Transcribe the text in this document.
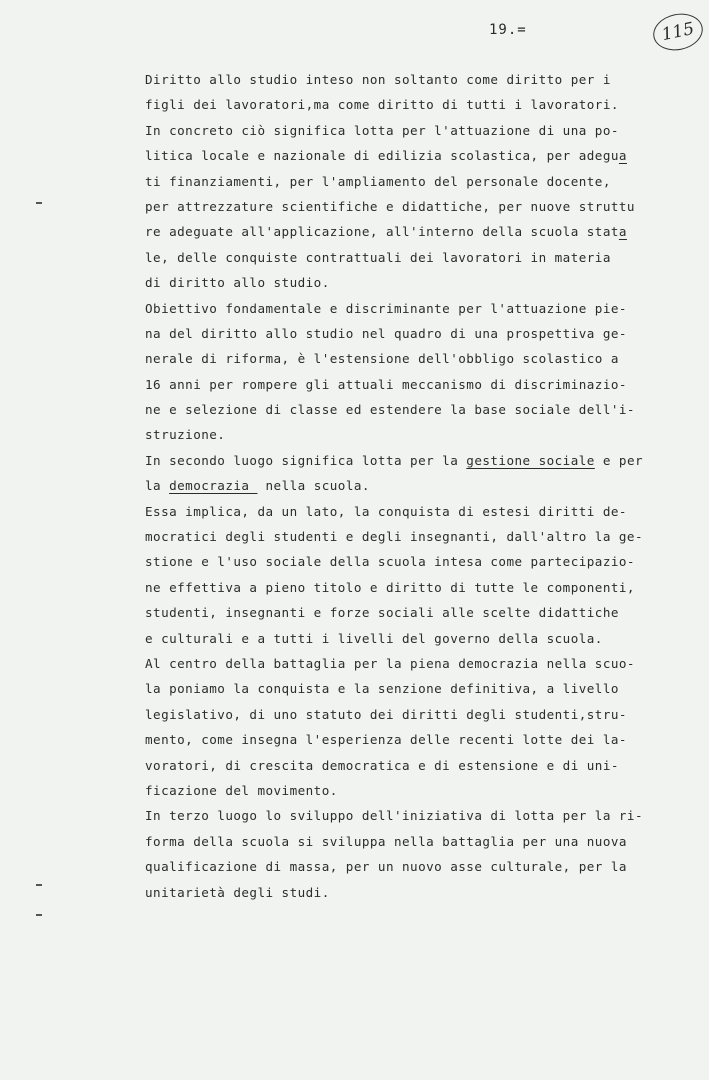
19.=	115
Diritto allo studio inteso non soltanto come diritto per i
figli dei lavoratori,ma come diritto di tutti i lavoratori.
In concreto ciò significa lotta per l'attuazione di una po-
litica locale e nazionale di edilizia scolastica, per adegua
ti finanziamenti, per l'ampliamento del personale docente,
per attrezzature scientifiche e didattiche, per nuove struttu
re adeguate all'applicazione, all'interno della scuola stata
le, delle conquiste contrattuali dei lavoratori in materia
di diritto allo studio.
Obiettivo fondamentale e discriminante per l'attuazione pie-
na del diritto allo studio nel quadro di una prospettiva ge-
nerale di riforma, è l'estensione dell'obbligo scolastico a
16 anni per rompere gli attuali meccanismo di discriminazio-
ne e selezione di classe ed estendere la base sociale dell'i-
struzione.
In secondo luogo significa lotta per la gestione sociale e per
la democrazia  nella scuola.
Essa implica, da un lato, la conquista di estesi diritti de-
mocratici degli studenti e degli insegnanti, dall'altro la ge-
stione e l'uso sociale della scuola intesa come partecipazio-
ne effettiva a pieno titolo e diritto di tutte le componenti,
studenti, insegnanti e forze sociali alle scelte didattiche
e culturali e a tutti i livelli del governo della scuola.
Al centro della battaglia per la piena democrazia nella scuo-
la poniamo la conquista e la senzione definitiva, a livello
legislativo, di uno statuto dei diritti degli studenti,stru-
mento, come insegna l'esperienza delle recenti lotte dei la-
voratori, di crescita democratica e di estensione e di uni-
ficazione del movimento.
In terzo luogo lo sviluppo dell'iniziativa di lotta per la ri-
forma della scuola si sviluppa nella battaglia per una nuova
qualificazione di massa, per un nuovo asse culturale, per la
unitarietà degli studi.
